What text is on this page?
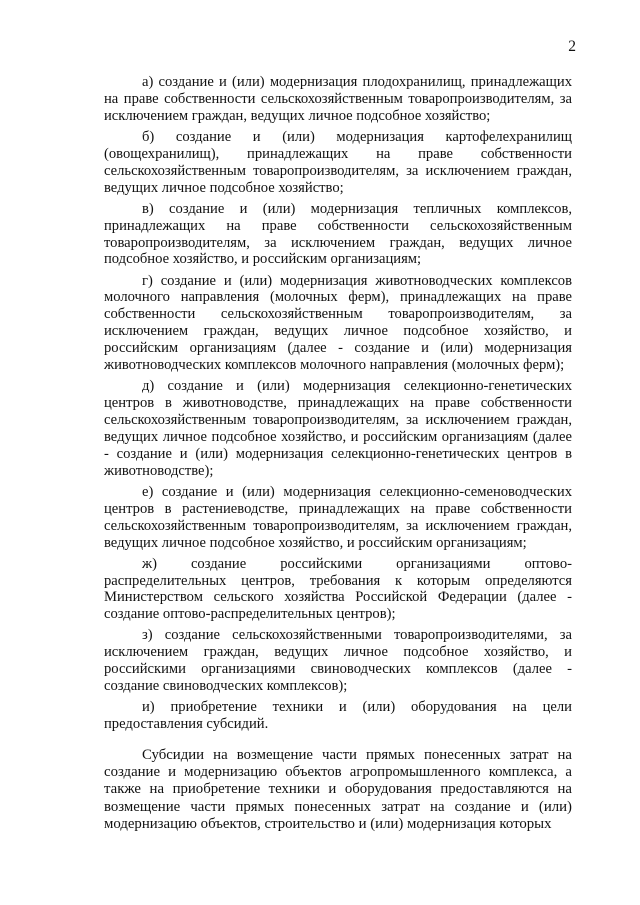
2

а) создание и (или) модернизация плодохранилищ, принадлежащих на праве собственности сельскохозяйственным товаропроизводителям, за исключением граждан, ведущих личное подсобное хозяйство;

б) создание и (или) модернизация картофелехранилищ (овощехранилищ), принадлежащих на праве собственности сельскохозяйственным товаропроизводителям, за исключением граждан, ведущих личное подсобное хозяйство;

в) создание и (или) модернизация тепличных комплексов, принадлежащих на праве собственности сельскохозяйственным товаропроизводителям, за исключением граждан, ведущих личное подсобное хозяйство, и российским организациям;

г) создание и (или) модернизация животноводческих комплексов молочного направления (молочных ферм), принадлежащих на праве собственности сельскохозяйственным товаропроизводителям, за исключением граждан, ведущих личное подсобное хозяйство, и российским организациям (далее - создание и (или) модернизация животноводческих комплексов молочного направления (молочных ферм);

д) создание и (или) модернизация селекционно-генетических центров в животноводстве, принадлежащих на праве собственности сельскохозяйственным товаропроизводителям, за исключением граждан, ведущих личное подсобное хозяйство, и российским организациям (далее - создание и (или) модернизация селекционно-генетических центров в животноводстве);

е) создание и (или) модернизация селекционно-семеноводческих центров в растениеводстве, принадлежащих на праве собственности сельскохозяйственным товаропроизводителям, за исключением граждан, ведущих личное подсобное хозяйство, и российским организациям;

ж) создание российскими организациями оптово-распределительных центров, требования к которым определяются Министерством сельского хозяйства Российской Федерации (далее - создание оптово-распределительных центров);

з) создание сельскохозяйственными товаропроизводителями, за исключением граждан, ведущих личное подсобное хозяйство, и российскими организациями свиноводческих комплексов (далее - создание свиноводческих комплексов);

и) приобретение техники и (или) оборудования на цели предоставления субсидий.

Субсидии на возмещение части прямых понесенных затрат на создание и модернизацию объектов агропромышленного комплекса, а также на приобретение техники и оборудования предоставляются на возмещение части прямых понесенных затрат на создание и (или) модернизацию объектов, строительство и (или) модернизация которых
